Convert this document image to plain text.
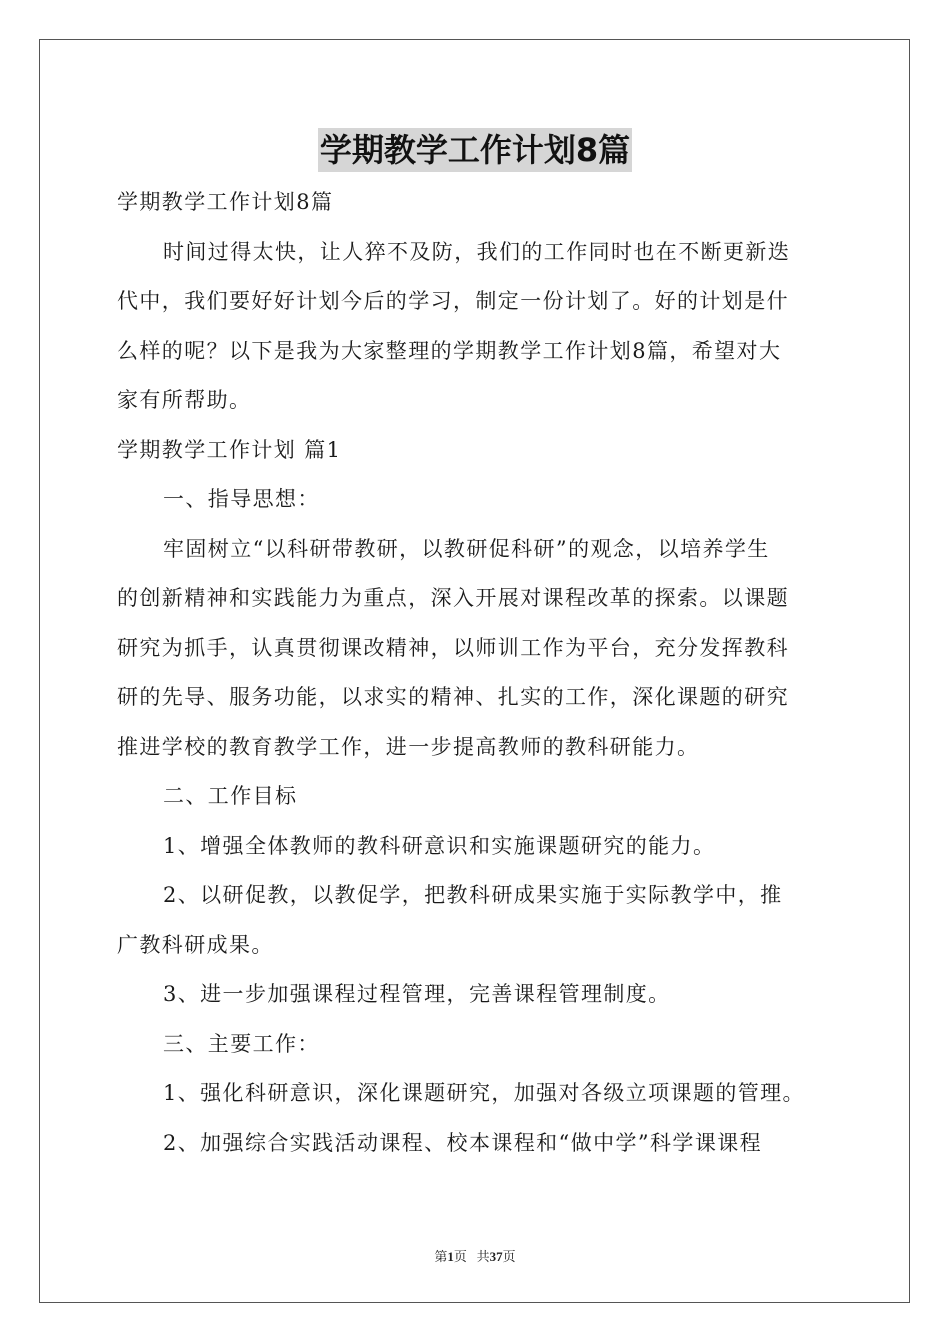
学期教学工作计划8篇

学期教学工作计划8篇

时间过得太快，让人猝不及防，我们的工作同时也在不断更新迭

代中，我们要好好计划今后的学习，制定一份计划了。好的计划是什

么样的呢？以下是我为大家整理的学期教学工作计划8篇，希望对大

家有所帮助。

学期教学工作计划 篇1

一、指导思想：

牢固树立“以科研带教研，以教研促科研”的观念，以培养学生

的创新精神和实践能力为重点，深入开展对课程改革的探索。以课题

研究为抓手，认真贯彻课改精神，以师训工作为平台，充分发挥教科

研的先导、服务功能，以求实的精神、扎实的工作，深化课题的研究

推进学校的教育教学工作，进一步提高教师的教科研能力。

二、工作目标

1、增强全体教师的教科研意识和实施课题研究的能力。

2、以研促教，以教促学，把教科研成果实施于实际教学中，推

广教科研成果。

3、进一步加强课程过程管理，完善课程管理制度。

三、主要工作：

1、强化科研意识，深化课题研究，加强对各级立项课题的管理。

2、加强综合实践活动课程、校本课程和“做中学”科学课课程

第1页 共37页
